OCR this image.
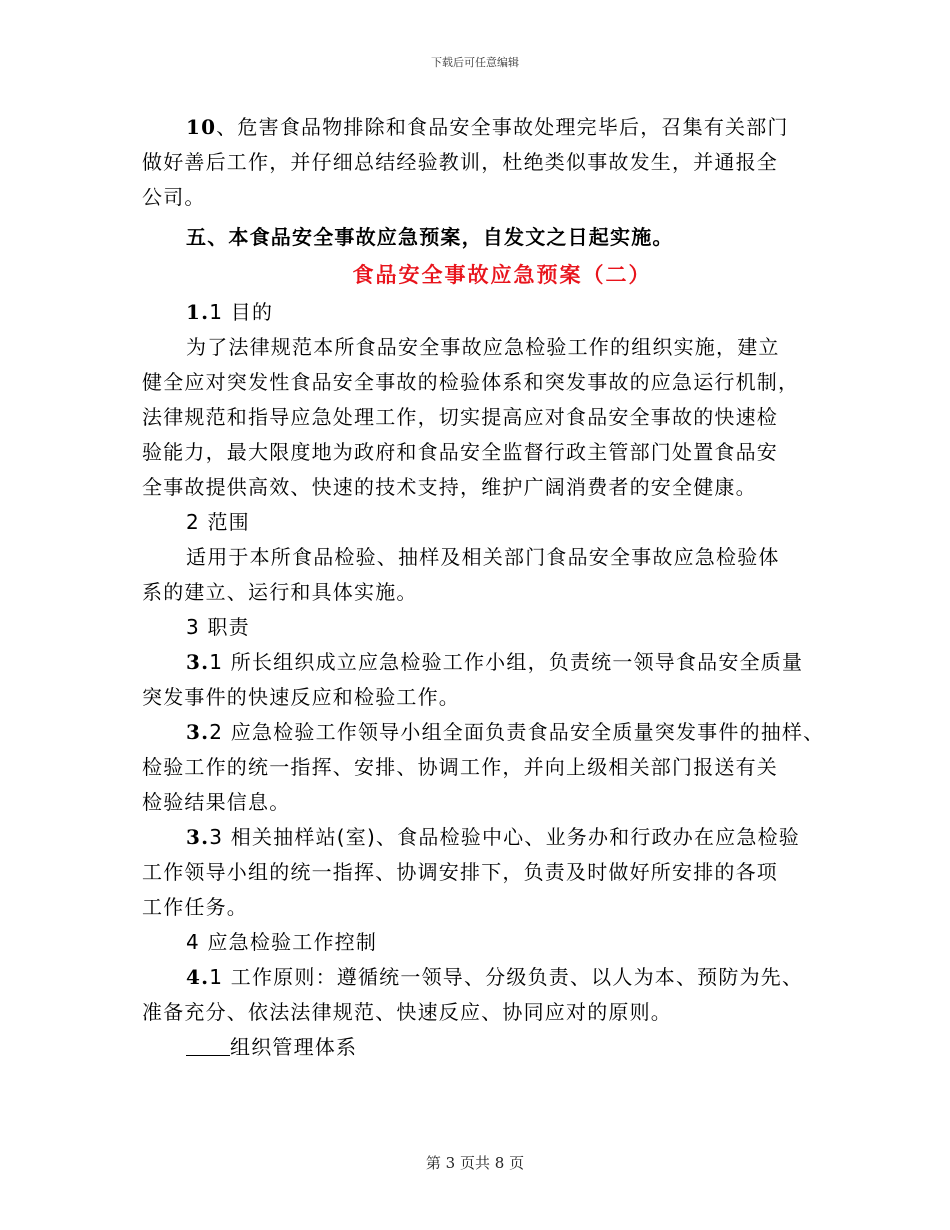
下载后可任意编辑
10、危害食品物排除和食品安全事故处理完毕后，召集有关部门
做好善后工作，并仔细总结经验教训，杜绝类似事故发生，并通报全
公司。
五、本食品安全事故应急预案，自发文之日起实施。
食品安全事故应急预案（二）
1.1 目的
为了法律规范本所食品安全事故应急检验工作的组织实施，建立
健全应对突发性食品安全事故的检验体系和突发事故的应急运行机制，
法律规范和指导应急处理工作，切实提高应对食品安全事故的快速检
验能力，最大限度地为政府和食品安全监督行政主管部门处置食品安
全事故提供高效、快速的技术支持，维护广阔消费者的安全健康。
2 范围
适用于本所食品检验、抽样及相关部门食品安全事故应急检验体
系的建立、运行和具体实施。
3 职责
3.1 所长组织成立应急检验工作小组，负责统一领导食品安全质量
突发事件的快速反应和检验工作。
3.2 应急检验工作领导小组全面负责食品安全质量突发事件的抽样、
检验工作的统一指挥、安排、协调工作，并向上级相关部门报送有关
检验结果信息。
3.3 相关抽样站(室)、食品检验中心、业务办和行政办在应急检验
工作领导小组的统一指挥、协调安排下，负责及时做好所安排的各项
工作任务。
4 应急检验工作控制
4.1 工作原则：遵循统一领导、分级负责、以人为本、预防为先、
准备充分、依法法律规范、快速反应、协同应对的原则。
组织管理体系
第 3 页共 8 页
